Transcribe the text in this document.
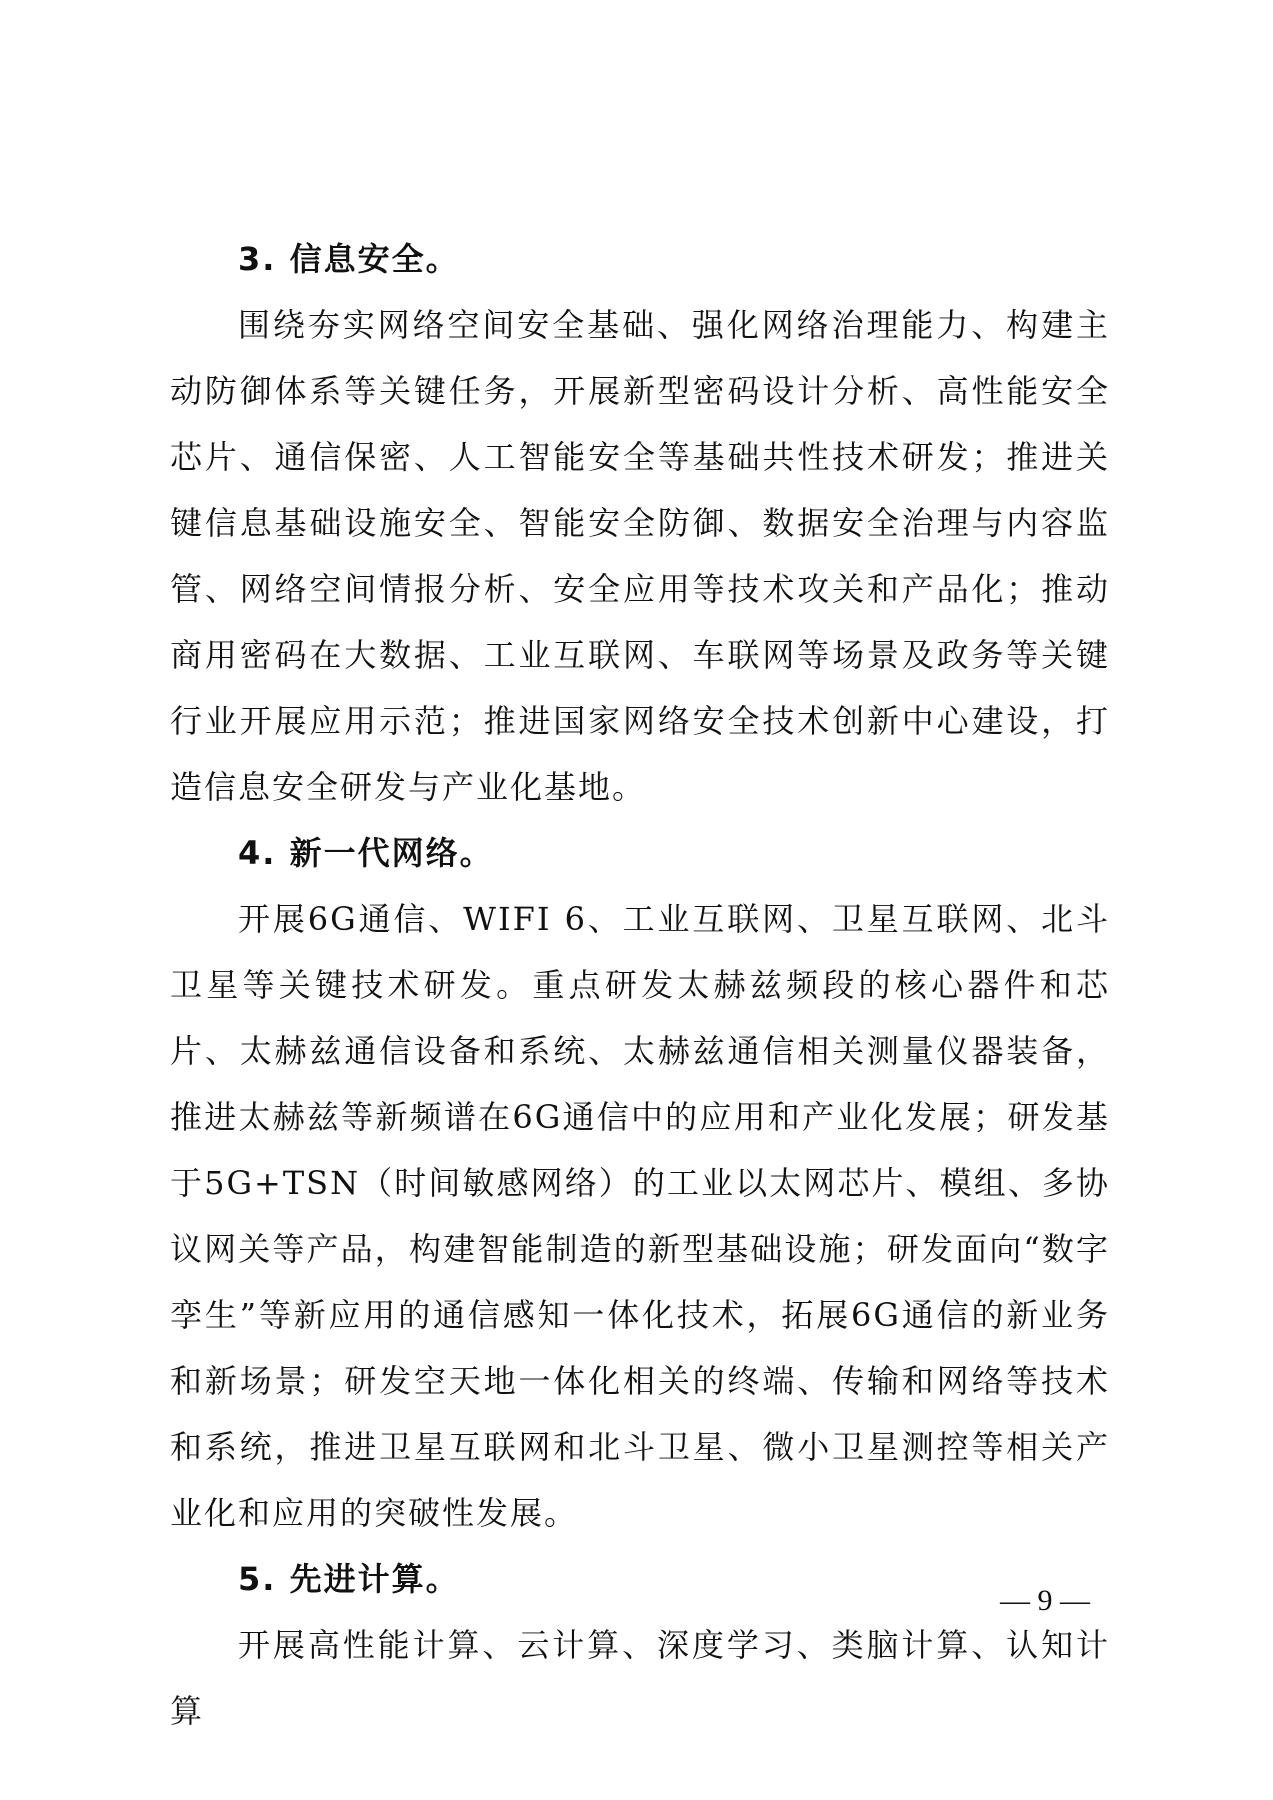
3. 信息安全。

围绕夯实网络空间安全基础、强化网络治理能力、构建主动防御体系等关键任务，开展新型密码设计分析、高性能安全芯片、通信保密、人工智能安全等基础共性技术研发；推进关键信息基础设施安全、智能安全防御、数据安全治理与内容监管、网络空间情报分析、安全应用等技术攻关和产品化；推动商用密码在大数据、工业互联网、车联网等场景及政务等关键行业开展应用示范；推进国家网络安全技术创新中心建设，打造信息安全研发与产业化基地。

4. 新一代网络。

开展6G通信、WIFI 6、工业互联网、卫星互联网、北斗卫星等关键技术研发。重点研发太赫兹频段的核心器件和芯片、太赫兹通信设备和系统、太赫兹通信相关测量仪器装备，推进太赫兹等新频谱在6G通信中的应用和产业化发展；研发基于5G+TSN（时间敏感网络）的工业以太网芯片、模组、多协议网关等产品，构建智能制造的新型基础设施；研发面向“数字孪生”等新应用的通信感知一体化技术，拓展6G通信的新业务和新场景；研发空天地一体化相关的终端、传输和网络等技术和系统，推进卫星互联网和北斗卫星、微小卫星测控等相关产业化和应用的突破性发展。

5. 先进计算。

开展高性能计算、云计算、深度学习、类脑计算、认知计算

— 9 —
